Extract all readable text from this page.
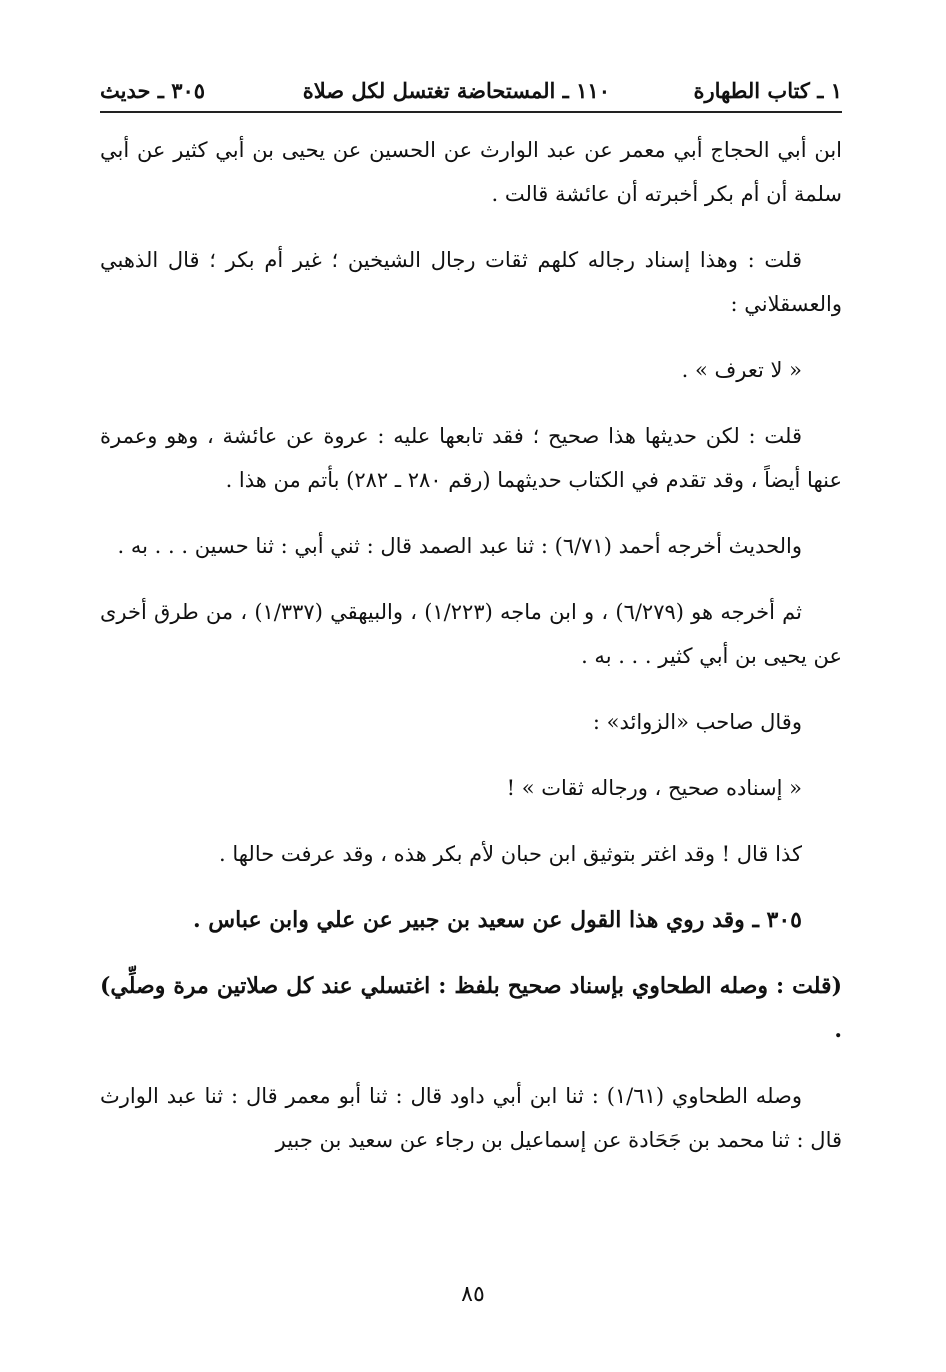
١ ـ كتاب الطهارة
١١٠ ـ المستحاضة تغتسل لكل صلاة
٣٠٥ ـ حديث

ابن أبي الحجاج أبي معمر عن عبد الوارث عن الحسين عن يحيى بن أبي كثير عن أبي سلمة أن أم بكر أخبرته أن عائشة قالت .

قلت : وهذا إسناد رجاله كلهم ثقات رجال الشيخين ؛ غير أم بكر ؛ قال الذهبي والعسقلاني :

« لا تعرف » .

قلت : لكن حديثها هذا صحيح ؛ فقد تابعها عليه : عروة عن عائشة ، وهو وعمرة عنها أيضاً ، وقد تقدم في الكتاب حديثهما (رقم ٢٨٠ ـ ٢٨٢) بأتم من هذا .

والحديث أخرجه أحمد (٦/٧١) : ثنا عبد الصمد قال : ثني أبي : ثنا حسين . . . به .

ثم أخرجه هو (٦/٢٧٩) ، و ابن ماجه (١/٢٢٣) ، والبيهقي (١/٣٣٧) ، من طرق أخرى عن يحيى بن أبي كثير . . . به .

وقال صاحب «الزوائد» :

« إسناده صحيح ، ورجاله ثقات » !

كذا قال ! وقد اغتر بتوثيق ابن حبان لأم بكر هذه ، وقد عرفت حالها .

٣٠٥ ـ وقد روي هذا القول عن سعيد بن جبير عن علي وابن عباس .

(قلت : وصله الطحاوي بإسناد صحيح بلفظ : اغتسلي عند كل صلاتين مرة وصلِّي) .

وصله الطحاوي (١/٦١) : ثنا ابن أبي داود قال : ثنا أبو معمر قال : ثنا عبد الوارث قال : ثنا محمد بن جَحَادة عن إسماعيل بن رجاء عن سعيد بن جبير

٨٥
